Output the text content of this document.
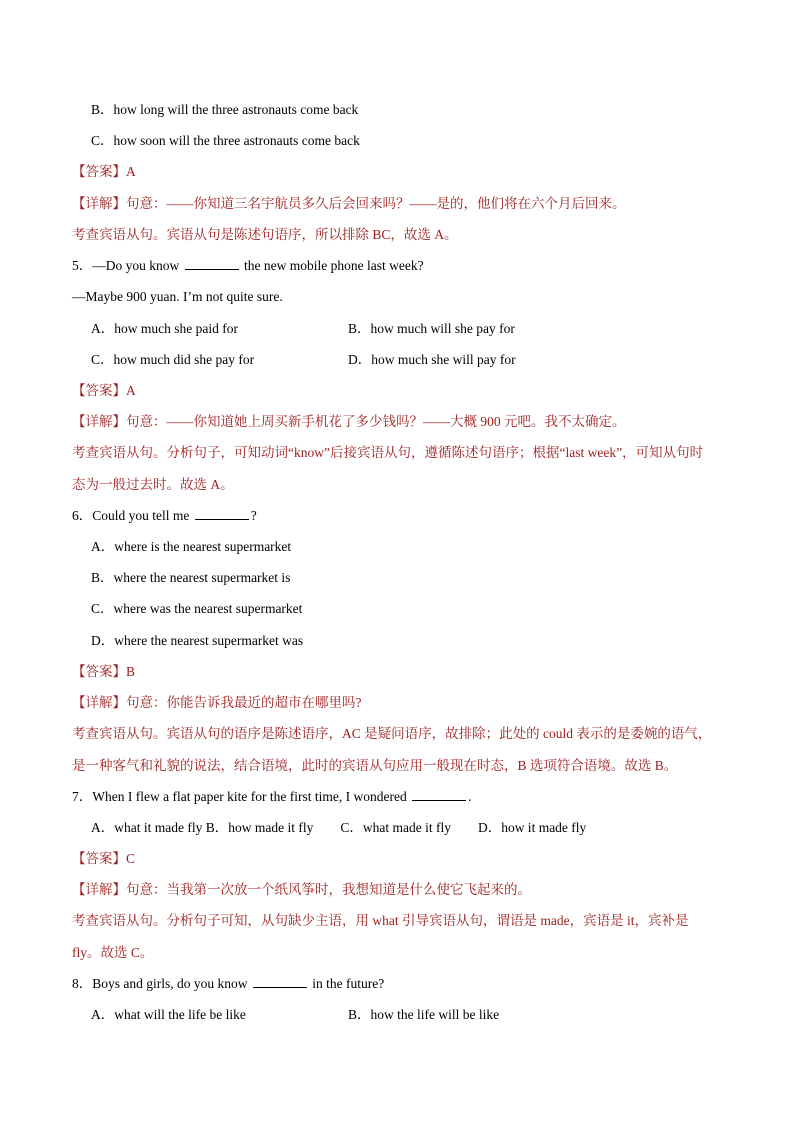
B．how long will the three astronauts come back
C．how soon will the three astronauts come back
【答案】A
【详解】句意：——你知道三名宇航员多久后会回来吗？——是的，他们将在六个月后回来。
考查宾语从句。宾语从句是陈述句语序，所以排除 BC，故选 A。
5．—Do you know	the new mobile phone last week?
—Maybe 900 yuan. I’m not quite sure.
A．how much she paid for	B．how much will she pay for
C．how much did she pay for	D．how much she will pay for
【答案】A
【详解】句意：——你知道她上周买新手机花了多少钱吗？——大概 900 元吧。我不太确定。
考查宾语从句。分析句子，可知动词“know”后接宾语从句，遵循陈述句语序；根据“last week”，可知从句时
态为一般过去时。故选 A。
6．Could you tell me	?
A．where is the nearest supermarket
B．where the nearest supermarket is
C．where was the nearest supermarket
D．where the nearest supermarket was
【答案】B
【详解】句意：你能告诉我最近的超市在哪里吗?
考查宾语从句。宾语从句的语序是陈述语序，AC 是疑问语序，故排除；此处的 could 表示的是委婉的语气，
是一种客气和礼貌的说法，结合语境，此时的宾语从句应用一般现在时态，B 选项符合语境。故选 B。
7．When I flew a flat paper kite for the first time, I wondered	.
A．what it made fly B．how made it fly　　C．what made it fly　　D．how it made fly
【答案】C
【详解】句意：当我第一次放一个纸风筝时，我想知道是什么使它飞起来的。
考查宾语从句。分析句子可知，从句缺少主语，用 what 引导宾语从句，谓语是 made，宾语是 it，宾补是
fly。故选 C。
8．Boys and girls, do you know	in the future?
A．what will the life be like	B．how the life will be like
